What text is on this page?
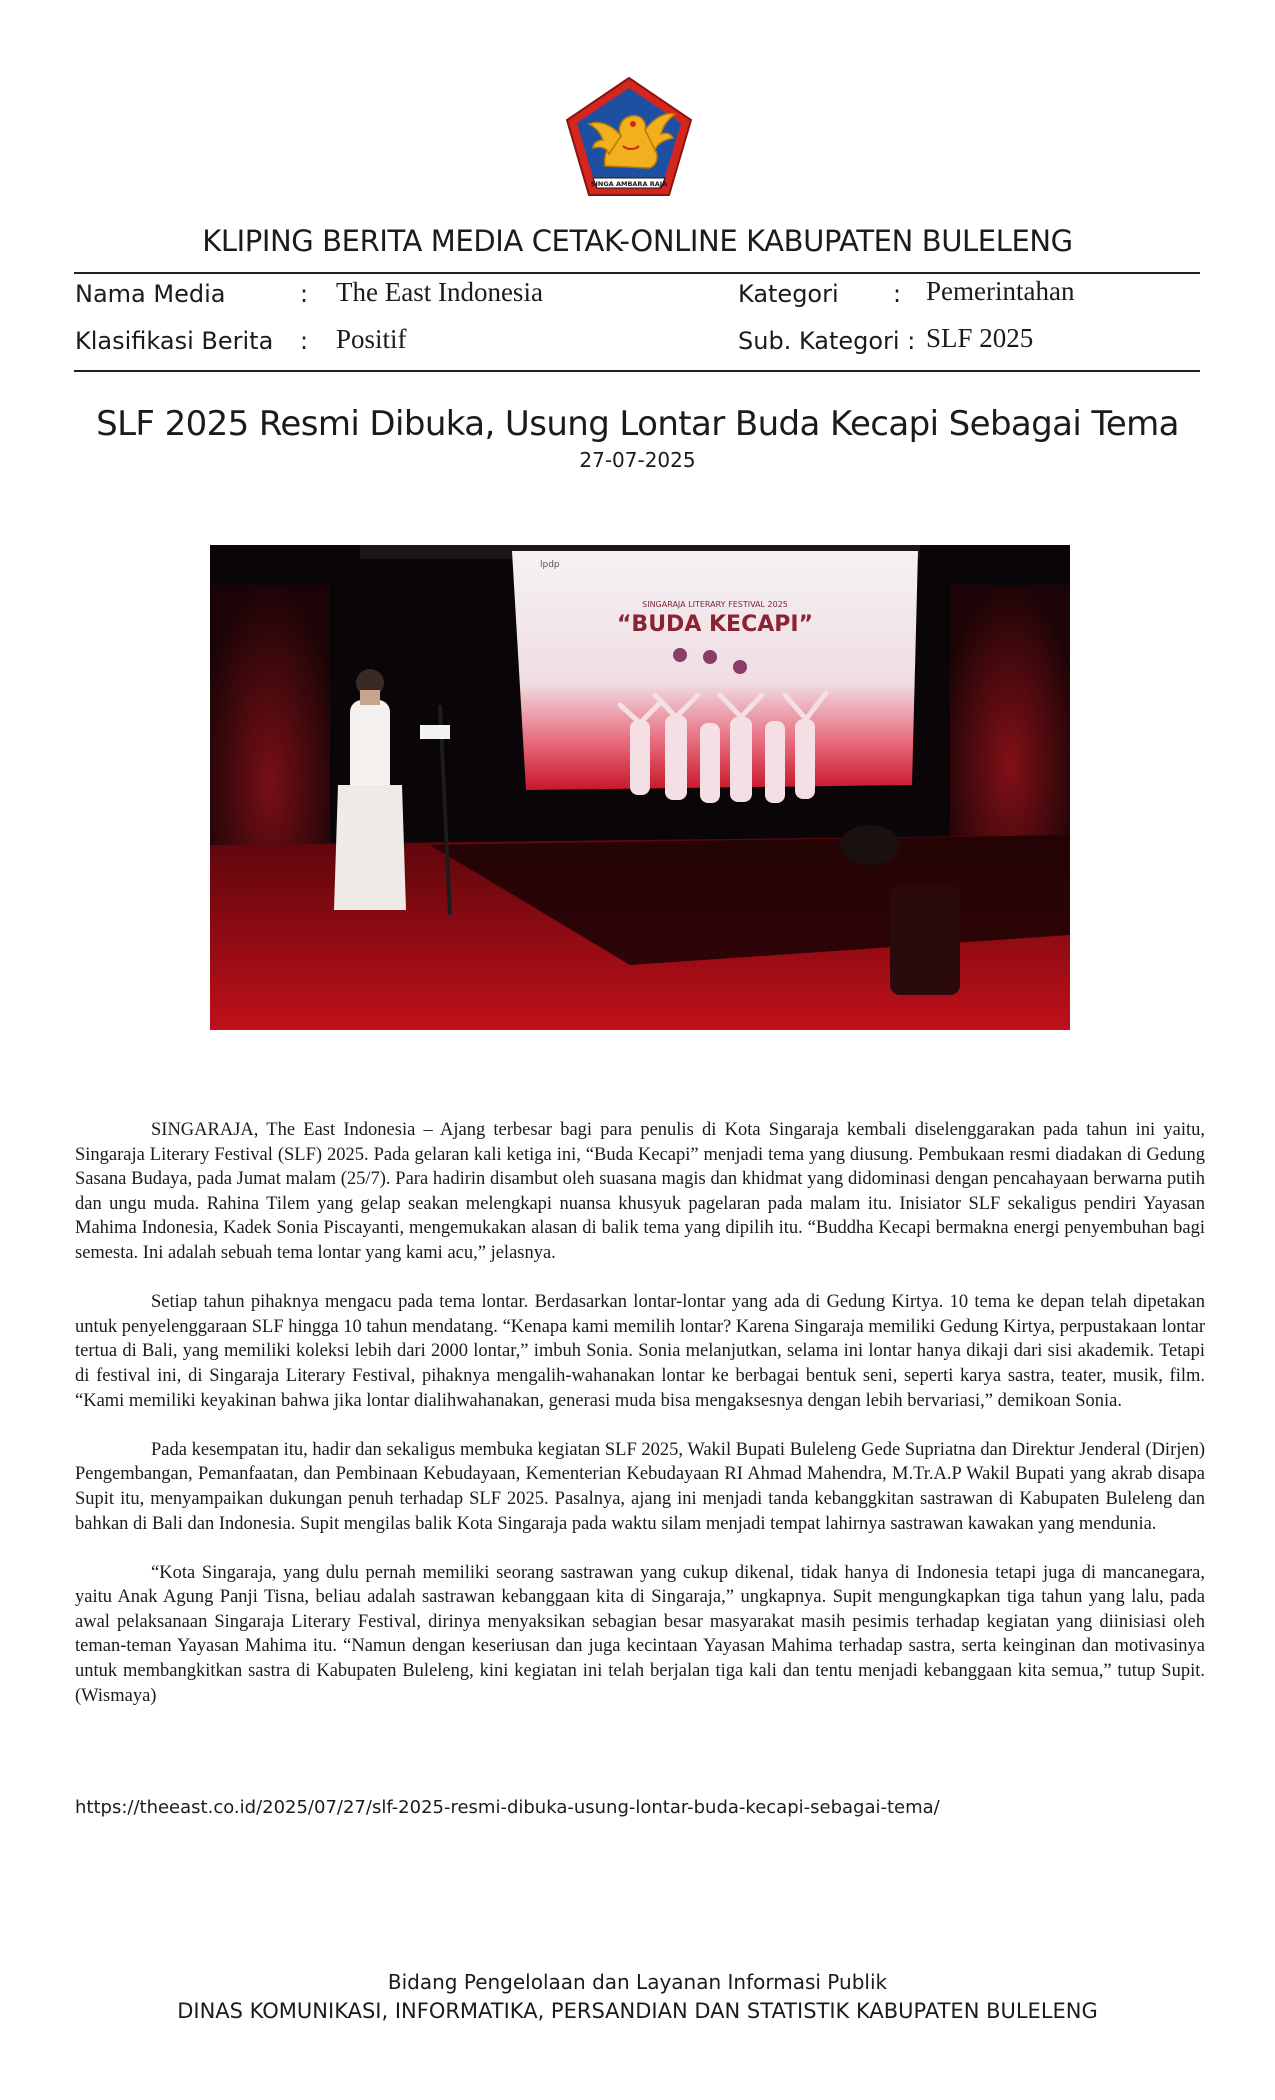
SINGA AMBARA RAJA
KLIPING BERITA MEDIA CETAK-ONLINE KABUPATEN BULELENG
Nama Media	: The East Indonesia	Kategori : Pemerintahan
Klasifikasi Berita : Positif	Sub. Kategori : SLF 2025
SLF 2025 Resmi Dibuka, Usung Lontar Buda Kecapi Sebagai Tema
27-07-2025
lpdp
SINGARAJA LITERARY FESTIVAL 2025
“BUDA KECAPI”

SINGARAJA, The East Indonesia – Ajang terbesar bagi para penulis di Kota Singaraja kembali diselenggarakan pada tahun ini yaitu, Singaraja Literary Festival (SLF) 2025. Pada gelaran kali ketiga ini, “Buda Kecapi” menjadi tema yang diusung. Pembukaan resmi diadakan di Gedung Sasana Budaya, pada Jumat malam (25/7). Para hadirin disambut oleh suasana magis dan khidmat yang didominasi dengan pencahayaan berwarna putih dan ungu muda. Rahina Tilem yang gelap seakan melengkapi nuansa khusyuk pagelaran pada malam itu. Inisiator SLF sekaligus pendiri Yayasan Mahima Indonesia, Kadek Sonia Piscayanti, mengemukakan alasan di balik tema yang dipilih itu. “Buddha Kecapi bermakna energi penyembuhan bagi semesta. Ini adalah sebuah tema lontar yang kami acu,” jelasnya.

Setiap tahun pihaknya mengacu pada tema lontar. Berdasarkan lontar-lontar yang ada di Gedung Kirtya. 10 tema ke depan telah dipetakan untuk penyelenggaraan SLF hingga 10 tahun mendatang. “Kenapa kami memilih lontar? Karena Singaraja memiliki Gedung Kirtya, perpustakaan lontar tertua di Bali, yang memiliki koleksi lebih dari 2000 lontar,” imbuh Sonia. Sonia melanjutkan, selama ini lontar hanya dikaji dari sisi akademik. Tetapi di festival ini, di Singaraja Literary Festival, pihaknya mengalih-wahanakan lontar ke berbagai bentuk seni, seperti karya sastra, teater, musik, film. “Kami memiliki keyakinan bahwa jika lontar dialihwahanakan, generasi muda bisa mengaksesnya dengan lebih bervariasi,” demikoan Sonia.

Pada kesempatan itu, hadir dan sekaligus membuka kegiatan SLF 2025, Wakil Bupati Buleleng Gede Supriatna dan Direktur Jenderal (Dirjen) Pengembangan, Pemanfaatan, dan Pembinaan Kebudayaan, Kementerian Kebudayaan RI Ahmad Mahendra, M.Tr.A.P Wakil Bupati yang akrab disapa Supit itu, menyampaikan dukungan penuh terhadap SLF 2025. Pasalnya, ajang ini menjadi tanda kebanggkitan sastrawan di Kabupaten Buleleng dan bahkan di Bali dan Indonesia. Supit mengilas balik Kota Singaraja pada waktu silam menjadi tempat lahirnya sastrawan kawakan yang mendunia.

“Kota Singaraja, yang dulu pernah memiliki seorang sastrawan yang cukup dikenal, tidak hanya di Indonesia tetapi juga di mancanegara, yaitu Anak Agung Panji Tisna, beliau adalah sastrawan kebanggaan kita di Singaraja,” ungkapnya. Supit mengungkapkan tiga tahun yang lalu, pada awal pelaksanaan Singaraja Literary Festival, dirinya menyaksikan sebagian besar masyarakat masih pesimis terhadap kegiatan yang diinisiasi oleh teman-teman Yayasan Mahima itu. “Namun dengan keseriusan dan juga kecintaan Yayasan Mahima terhadap sastra, serta keinginan dan motivasinya untuk membangkitkan sastra di Kabupaten Buleleng, kini kegiatan ini telah berjalan tiga kali dan tentu menjadi kebanggaan kita semua,” tutup Supit.(Wismaya)

https://theeast.co.id/2025/07/27/slf-2025-resmi-dibuka-usung-lontar-buda-kecapi-sebagai-tema/
Bidang Pengelolaan dan Layanan Informasi Publik
DINAS KOMUNIKASI, INFORMATIKA, PERSANDIAN DAN STATISTIK KABUPATEN BULELENG
